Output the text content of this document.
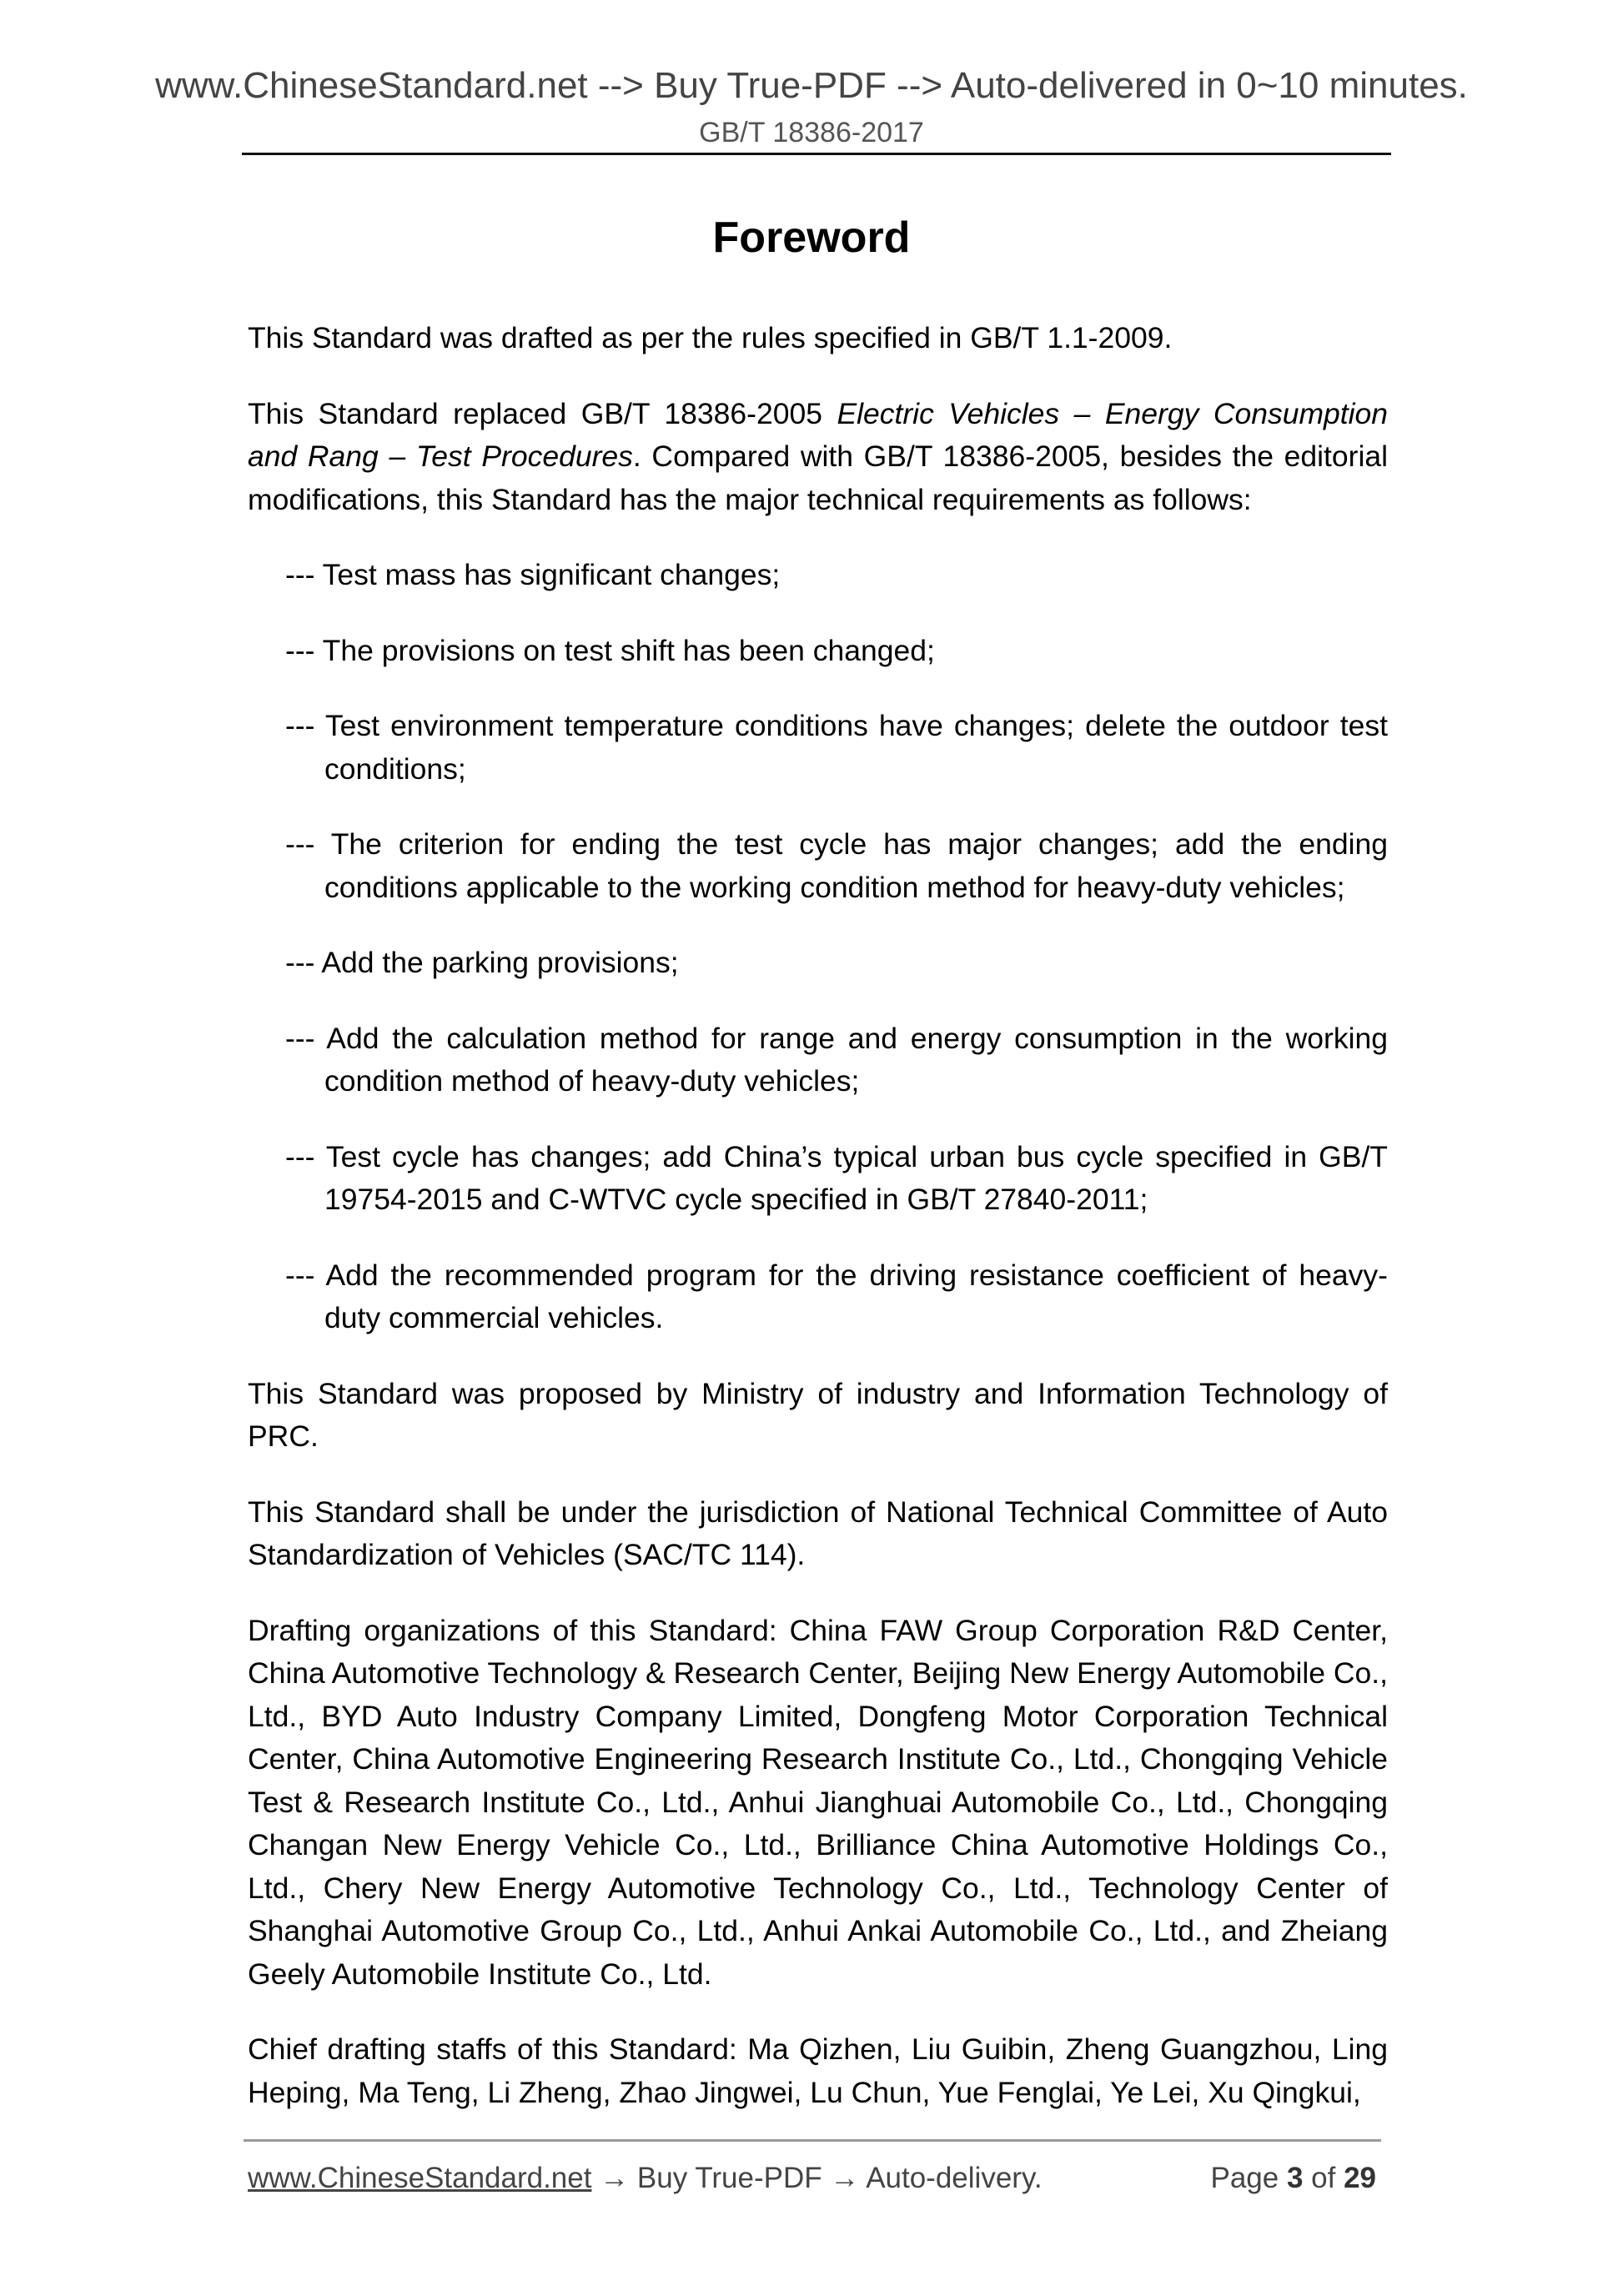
www.ChineseStandard.net --> Buy True-PDF --> Auto-delivered in 0~10 minutes.
GB/T 18386-2017
Foreword

This Standard was drafted as per the rules specified in GB/T 1.1-2009.

This Standard replaced GB/T 18386-2005 Electric Vehicles – Energy Consumption and Rang – Test Procedures. Compared with GB/T 18386-2005, besides the editorial modifications, this Standard has the major technical requirements as follows:

--- Test mass has significant changes;
--- The provisions on test shift has been changed;
--- Test environment temperature conditions have changes; delete the outdoor test conditions;
--- The criterion for ending the test cycle has major changes; add the ending conditions applicable to the working condition method for heavy-duty vehicles;
--- Add the parking provisions;
--- Add the calculation method for range and energy consumption in the working condition method of heavy-duty vehicles;
--- Test cycle has changes; add China’s typical urban bus cycle specified in GB/T 19754-2015 and C-WTVC cycle specified in GB/T 27840-2011;
--- Add the recommended program for the driving resistance coefficient of heavy-duty commercial vehicles.

This Standard was proposed by Ministry of industry and Information Technology of PRC.

This Standard shall be under the jurisdiction of National Technical Committee of Auto Standardization of Vehicles (SAC/TC 114).

Drafting organizations of this Standard: China FAW Group Corporation R&D Center, China Automotive Technology & Research Center, Beijing New Energy Automobile Co., Ltd., BYD Auto Industry Company Limited, Dongfeng Motor Corporation Technical Center, China Automotive Engineering Research Institute Co., Ltd., Chongqing Vehicle Test & Research Institute Co., Ltd., Anhui Jianghuai Automobile Co., Ltd., Chongqing Changan New Energy Vehicle Co., Ltd., Brilliance China Automotive Holdings Co., Ltd., Chery New Energy Automotive Technology Co., Ltd., Technology Center of Shanghai Automotive Group Co., Ltd., Anhui Ankai Automobile Co., Ltd., and Zheiang Geely Automobile Institute Co., Ltd.

Chief drafting staffs of this Standard: Ma Qizhen, Liu Guibin, Zheng Guangzhou, Ling Heping, Ma Teng, Li Zheng, Zhao Jingwei, Lu Chun, Yue Fenglai, Ye Lei, Xu Qingkui,

www.ChineseStandard.net → Buy True-PDF → Auto-delivery.	Page 3 of 29
